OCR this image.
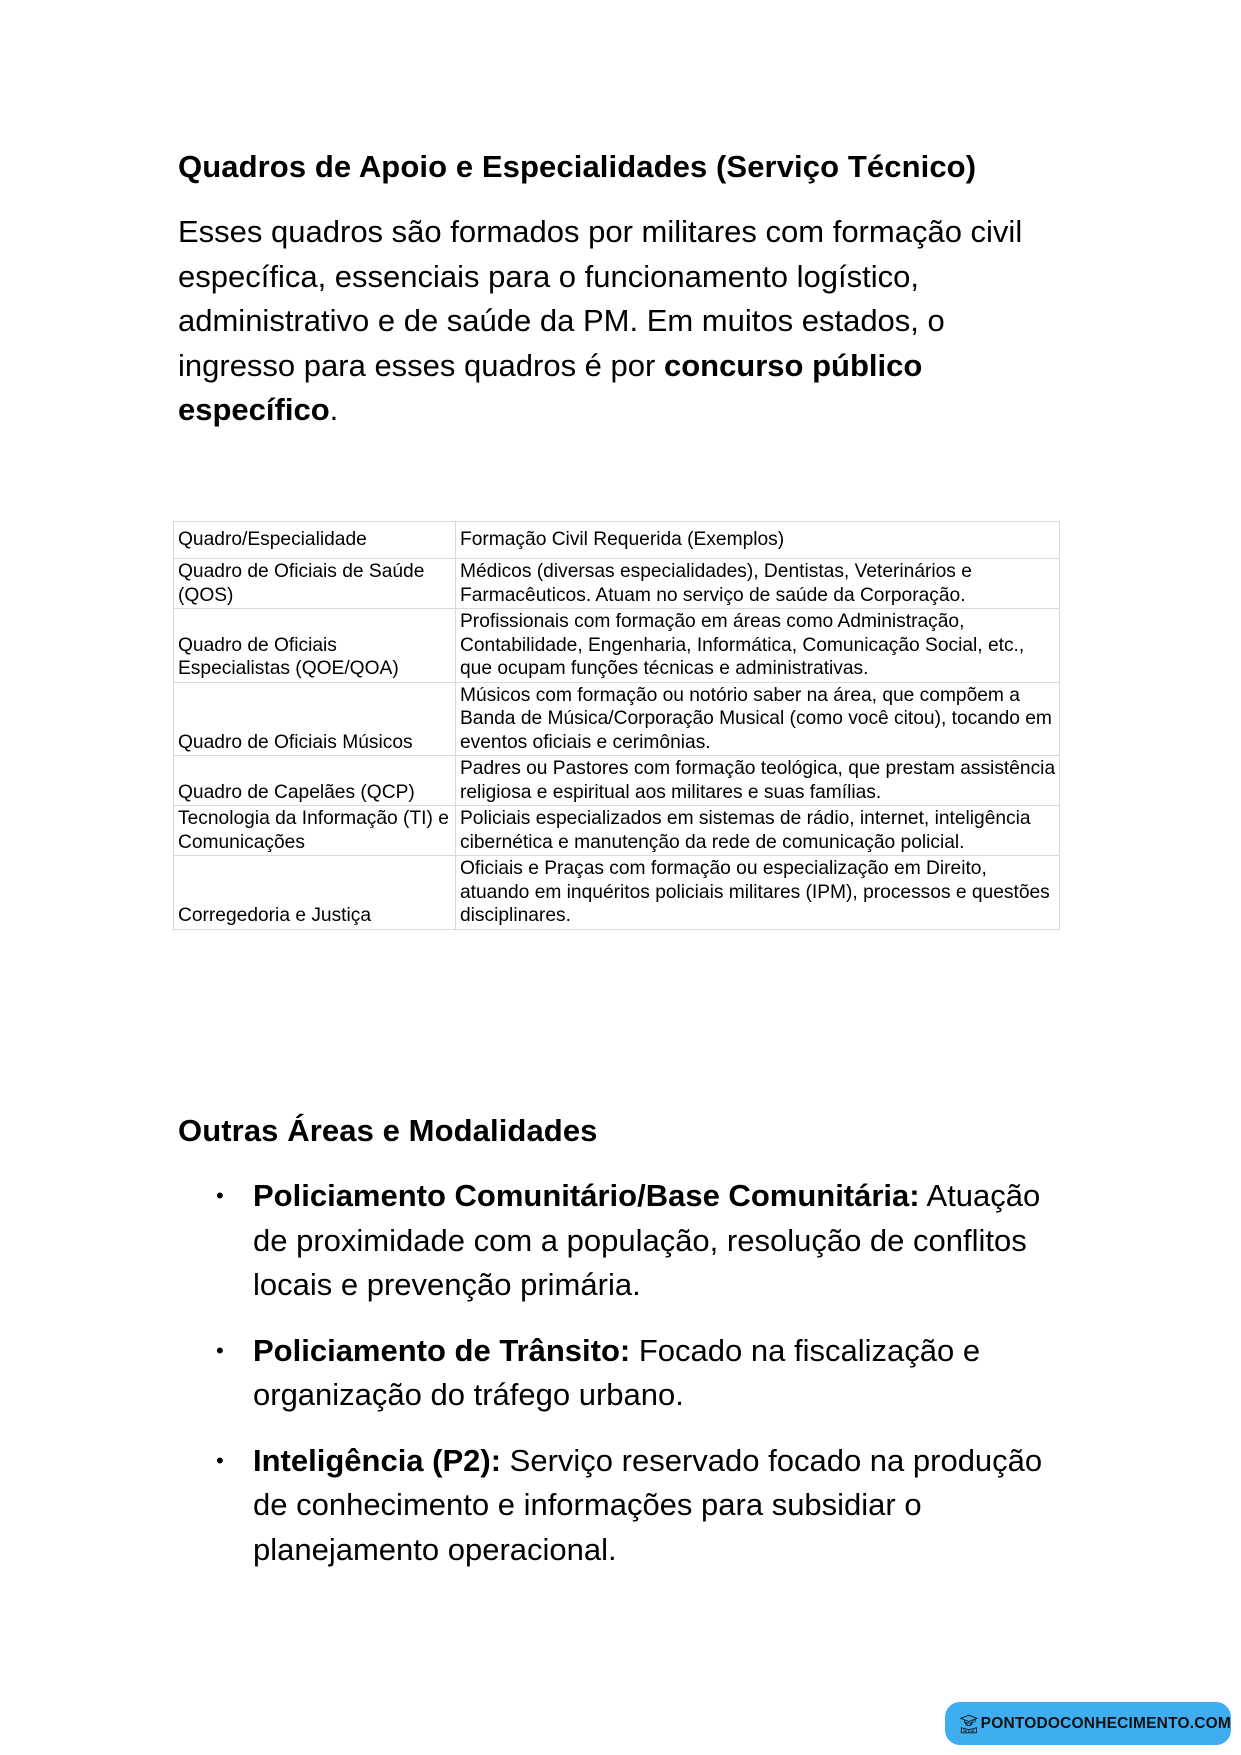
Quadros de Apoio e Especialidades (Serviço Técnico)

Esses quadros são formados por militares com formação civil específica, essenciais para o funcionamento logístico, administrativo e de saúde da PM. Em muitos estados, o ingresso para esses quadros é por concurso público específico.

Quadro/Especialidade	Formação Civil Requerida (Exemplos)
Quadro de Oficiais de Saúde (QOS)	Médicos (diversas especialidades), Dentistas, Veterinários e Farmacêuticos. Atuam no serviço de saúde da Corporação.
Quadro de Oficiais Especialistas (QOE/QOA)	Profissionais com formação em áreas como Administração, Contabilidade, Engenharia, Informática, Comunicação Social, etc., que ocupam funções técnicas e administrativas.
Quadro de Oficiais Músicos	Músicos com formação ou notório saber na área, que compõem a Banda de Música/Corporação Musical (como você citou), tocando em eventos oficiais e cerimônias.
Quadro de Capelães (QCP)	Padres ou Pastores com formação teológica, que prestam assistência religiosa e espiritual aos militares e suas famílias.
Tecnologia da Informação (TI) e Comunicações	Policiais especializados em sistemas de rádio, internet, inteligência cibernética e manutenção da rede de comunicação policial.
Corregedoria e Justiça	Oficiais e Praças com formação ou especialização em Direito, atuando em inquéritos policiais militares (IPM), processos e questões disciplinares.
Outras Áreas e Modalidades
• Policiamento Comunitário/Base Comunitária: Atuação de proximidade com a população, resolução de conflitos locais e prevenção primária.
• Policiamento de Trânsito: Focado na fiscalização e organização do tráfego urbano.
• Inteligência (P2): Serviço reservado focado na produção de conhecimento e informações para subsidiar o planejamento operacional.
PONTODOCONHECIMENTO.COM
